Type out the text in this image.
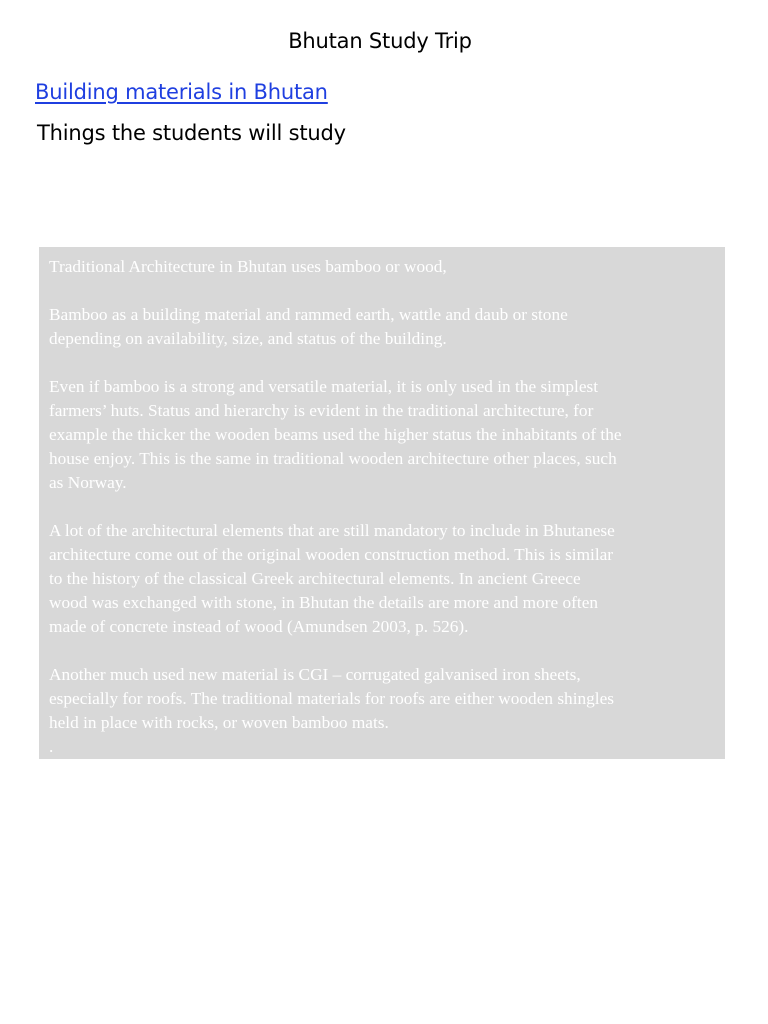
Bhutan Study Trip
Building materials in Bhutan
Things the students will study

Traditional Architecture in Bhutan uses bamboo or wood,

Bamboo as a building material and rammed earth, wattle and daub or stone
depending on availability, size, and status of the building.

Even if bamboo is a strong and versatile material, it is only used in the simplest
farmers’ huts. Status and hierarchy is evident in the traditional architecture, for
example the thicker the wooden beams used the higher status the inhabitants of the
house enjoy. This is the same in traditional wooden architecture other places, such
as Norway.

A lot of the architectural elements that are still mandatory to include in Bhutanese
architecture come out of the original wooden construction method. This is similar
to the history of the classical Greek architectural elements. In ancient Greece
wood was exchanged with stone, in Bhutan the details are more and more often
made of concrete instead of wood (Amundsen 2003, p. 526).

Another much used new material is CGI – corrugated galvanised iron sheets,
especially for roofs. The traditional materials for roofs are either wooden shingles
held in place with rocks, or woven bamboo mats.

.
